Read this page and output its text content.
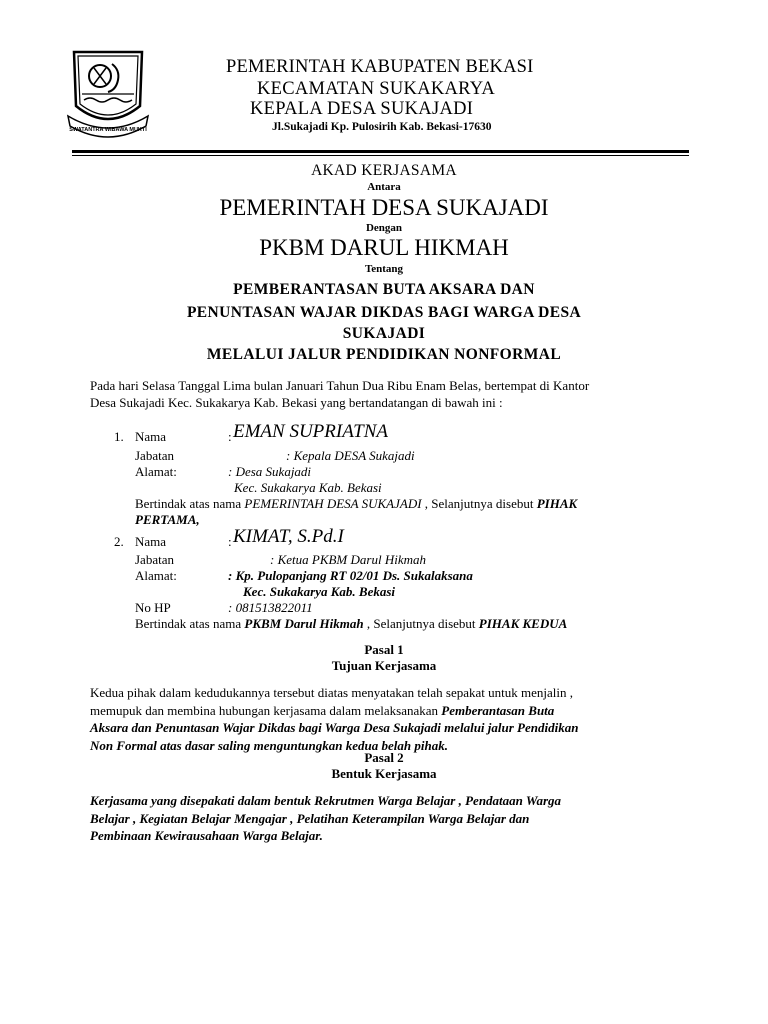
SWATANTRA WIBAWA MUKTI
PEMERINTAH KABUPATEN BEKASI
KECAMATAN SUKAKARYA
KEPALA DESA SUKAJADI
Jl.Sukajadi Kp. Pulosirih Kab. Bekasi-17630
AKAD KERJASAMA
Antara
PEMERINTAH DESA SUKAJADI
Dengan
PKBM DARUL HIKMAH
Tentang
PEMBERANTASAN BUTA AKSARA DAN
PENUNTASAN WAJAR DIKDAS BAGI WARGA DESA
SUKAJADI
MELALUI JALUR PENDIDIKAN NONFORMAL
Pada hari Selasa Tanggal Lima bulan Januari Tahun Dua Ribu Enam Belas, bertempat di Kantor
Desa Sukajadi Kec. Sukakarya Kab. Bekasi yang bertandatangan di bawah ini :
1. Nama	: EMAN SUPRIATNA
Jabatan	: Kepala DESA Sukajadi
Alamat:	: Desa Sukajadi
Kec. Sukakarya Kab. Bekasi
Bertindak atas nama PEMERINTAH DESA SUKAJADI , Selanjutnya disebut PIHAK
PERTAMA,
2. Nama	: KIMAT, S.Pd.I
Jabatan	: Ketua PKBM Darul Hikmah
Alamat:	: Kp. Pulopanjang RT 02/01 Ds. Sukalaksana
Kec. Sukakarya Kab. Bekasi
No HP	: 081513822011
Bertindak atas nama PKBM Darul Hikmah , Selanjutnya disebut PIHAK KEDUA
Pasal 1
Tujuan Kerjasama
Kedua pihak dalam kedudukannya tersebut diatas menyatakan telah sepakat untuk menjalin ,
memupuk dan membina hubungan kerjasama dalam melaksanakan Pemberantasan Buta
Aksara dan Penuntasan Wajar Dikdas bagi Warga Desa Sukajadi melalui jalur Pendidikan
Non Formal atas dasar saling menguntungkan kedua belah pihak.
Pasal 2
Bentuk Kerjasama
Kerjasama yang disepakati dalam bentuk Rekrutmen Warga Belajar , Pendataan Warga
Belajar , Kegiatan Belajar Mengajar , Pelatihan Keterampilan Warga Belajar dan
Pembinaan Kewirausahaan Warga Belajar.
